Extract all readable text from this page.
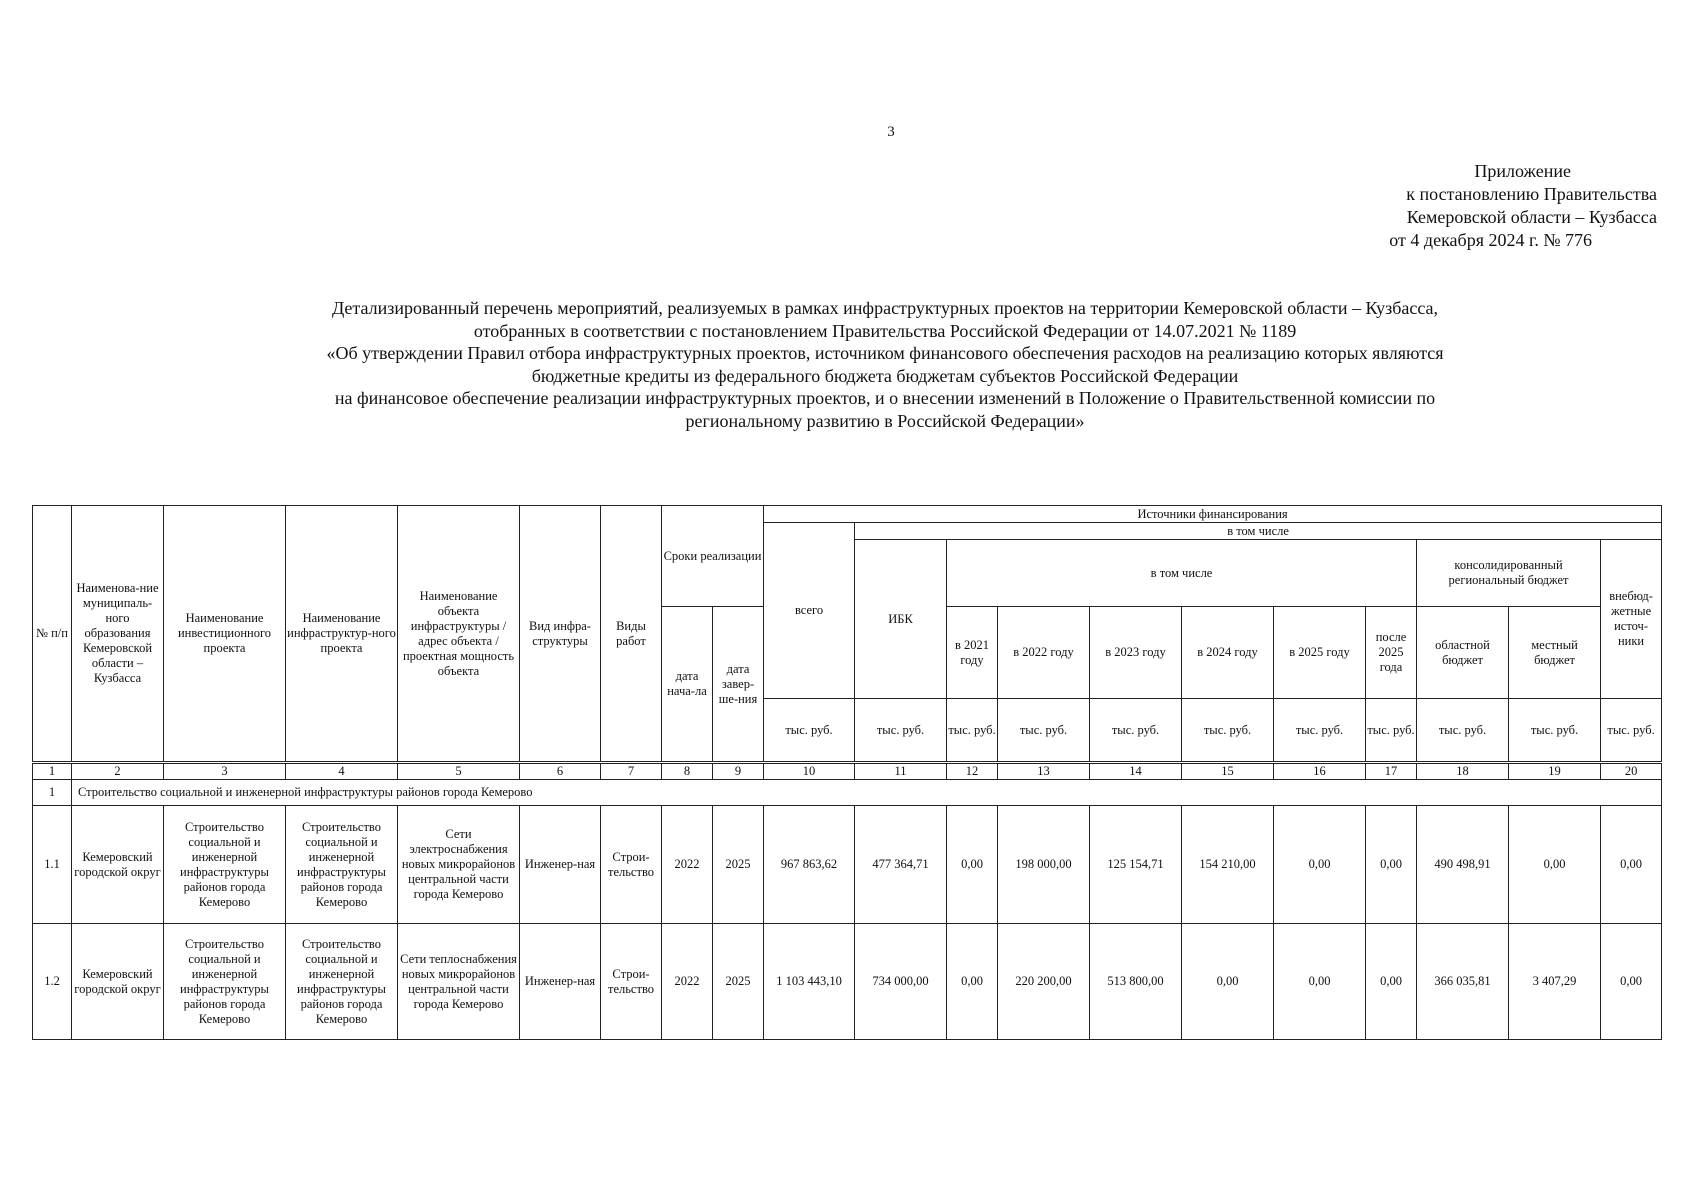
3
Приложение
к постановлению Правительства
Кемеровской области – Кузбасса
от 4 декабря 2024 г. № 776
Детализированный перечень мероприятий, реализуемых в рамках инфраструктурных проектов на территории Кемеровской области – Кузбасса,
отобранных в соответствии с постановлением Правительства Российской Федерации от 14.07.2021 № 1189
«Об утверждении Правил отбора инфраструктурных проектов, источником финансового обеспечения расходов на реализацию которых являются
бюджетные кредиты из федерального бюджета бюджетам субъектов Российской Федерации
на финансовое обеспечение реализации инфраструктурных проектов, и о внесении изменений в Положение о Правительственной комиссии по
региональному развитию в Российской Федерации»
№ п/п	Наименова-ние муниципаль-ного образования Кемеровской области – Кузбасса	Наименование инвестиционного проекта	Наименование инфраструктур-ного проекта	Наименование объекта инфраструктуры / адрес объекта / проектная мощность объекта	Вид инфра-структуры	Виды работ	Сроки реализации		Источники финансирования										
									всего	в том числе									
										ИБК	в том числе						консолидированный региональный бюджет		внебюд-жетные источ-ники
							дата нача-ла	дата завер-ше-ния			в 2021 году	в 2022 году	в 2023 году	в 2024 году	в 2025 году	после 2025 года	областной бюджет	местный бюджет	
									тыс. руб.	тыс. руб.	тыс. руб.	тыс. руб.	тыс. руб.	тыс. руб.	тыс. руб.	тыс. руб.	тыс. руб.	тыс. руб.	тыс. руб.
1	2	3	4	5	6	7	8	9	10	11	12	13	14	15	16	17	18	19	20
1	Строительство социальной и инженерной инфраструктуры районов города Кемерово																		
1.1	Кемеровский городской округ	Строительство социальной и инженерной инфраструктуры районов города Кемерово	Строительство социальной и инженерной инфраструктуры районов города Кемерово	Сети электроснабжения новых микрорайонов центральной части города Кемерово	Инженер-ная	Строи-тельство	2022	2025	967 863,62	477 364,71	0,00	198 000,00	125 154,71	154 210,00	0,00	0,00	490 498,91	0,00	0,00
1.2	Кемеровский городской округ	Строительство социальной и инженерной инфраструктуры районов города Кемерово	Строительство социальной и инженерной инфраструктуры районов города Кемерово	Сети теплоснабжения новых микрорайонов центральной части города Кемерово	Инженер-ная	Строи-тельство	2022	2025	1 103 443,10	734 000,00	0,00	220 200,00	513 800,00	0,00	0,00	0,00	366 035,81	3 407,29	0,00
